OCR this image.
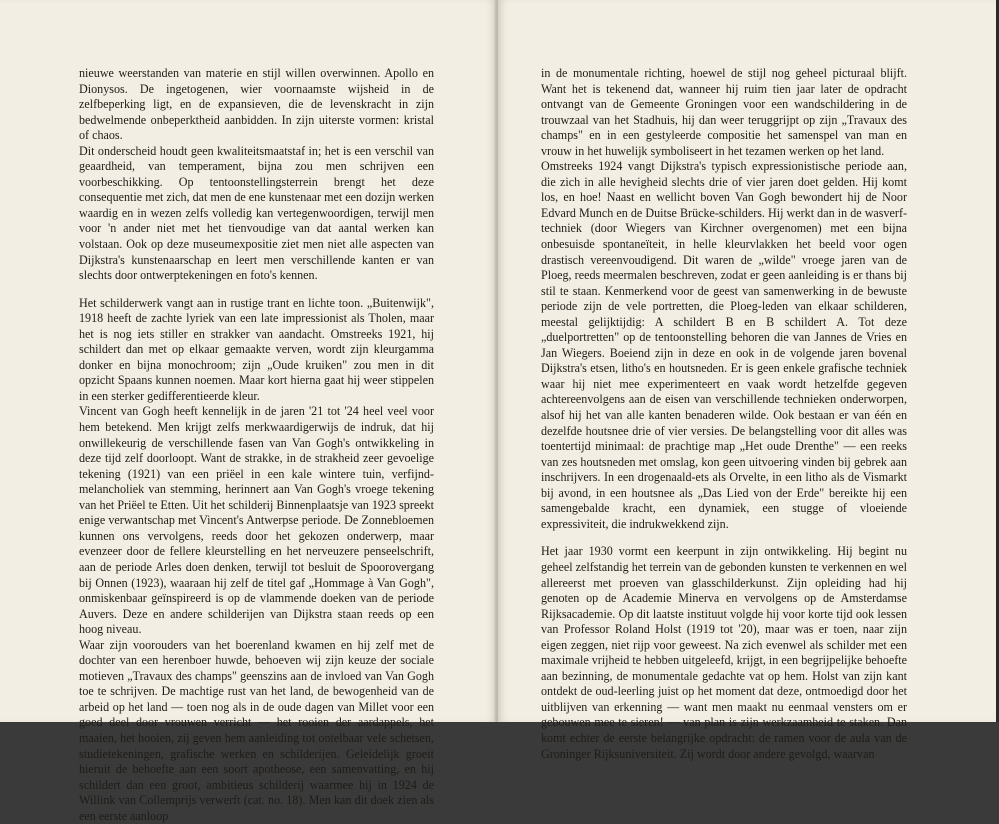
nieuwe weerstanden van materie en stijl willen overwinnen. Apollo en Dionysos. De ingetogenen, wier voornaamste wijsheid in de zelfbeperking ligt, en de expansieven, die de levenskracht in zijn bedwelmende onbeperktheid aanbidden. In zijn uiterste vormen: kristal of chaos.

Dit onderscheid houdt geen kwaliteitsmaatstaf in; het is een verschil van geaardheid, van temperament, bijna zou men schrijven een voorbeschikking. Op tentoonstellingsterrein brengt het deze consequentie met zich, dat men de ene kunstenaar met een dozijn werken waardig en in wezen zelfs volledig kan vertegenwoordigen, terwijl men voor 'n ander niet met het tienvoudige van dat aantal werken kan volstaan. Ook op deze museumexpositie ziet men niet alle aspecten van Dijkstra's kunstenaarschap en leert men verschillende kanten er van slechts door ontwerptekeningen en foto's kennen.

Het schilderwerk vangt aan in rustige trant en lichte toon. „Buitenwijk", 1918 heeft de zachte lyriek van een late impressionist als Tholen, maar het is nog iets stiller en strakker van aandacht. Omstreeks 1921, hij schildert dan met op elkaar gemaakte verven, wordt zijn kleurgamma donker en bijna monochroom; zijn „Oude kruiken" zou men in dit opzicht Spaans kunnen noemen. Maar kort hierna gaat hij weer stippelen in een sterker gedifferentieerde kleur.

Vincent van Gogh heeft kennelijk in de jaren '21 tot '24 heel veel voor hem betekend. Men krijgt zelfs merkwaardigerwijs de indruk, dat hij onwillekeurig de verschillende fasen van Van Gogh's ontwikkeling in deze tijd zelf doorloopt. Want de strakke, in de strakheid zeer gevoelige tekening (1921) van een priëel in een kale wintere tuin, verfijnd-melancholiek van stemming, herinnert aan Van Gogh's vroege tekening van het Priëel te Etten. Uit het schilderij Binnenplaatsje van 1923 spreekt enige verwantschap met Vincent's Antwerpse periode. De Zonnebloemen kunnen ons vervolgens, reeds door het gekozen onderwerp, maar evenzeer door de fellere kleurstelling en het nerveuzere penseelschrift, aan de periode Arles doen denken, terwijl tot besluit de Spoorovergang bij Onnen (1923), waaraan hij zelf de titel gaf „Hommage à Van Gogh", onmiskenbaar geïnspireerd is op de vlammende doeken van de periode Auvers. Deze en andere schilderijen van Dijkstra staan reeds op een hoog niveau.

Waar zijn voorouders van het boerenland kwamen en hij zelf met de dochter van een herenboer huwde, behoeven wij zijn keuze der sociale motieven „Travaux des champs" geenszins aan de invloed van Van Gogh toe te schrijven. De machtige rust van het land, de bewogenheid van de arbeid op het land — toen nog als in de oude dagen van Millet voor een goed deel door vrouwen verricht — het rooien der aardappels, het maaien, het hooien, zij geven hem aanleiding tot ontelbaar vele schetsen, studietekeningen, grafische werken en schilderijen. Geleidelijk groeit hieruit de behoefte aan een soort apotheose, een samenvatting, en hij schildert dan een groot, ambitieus schilderij waarmee hij in 1924 de Willink van Collemprijs verwerft (cat. no. 18). Men kan dit doek zien als een eerste aanloop

in de monumentale richting, hoewel de stijl nog geheel picturaal blijft. Want het is tekenend dat, wanneer hij ruim tien jaar later de opdracht ontvangt van de Gemeente Groningen voor een wandschildering in de trouwzaal van het Stadhuis, hij dan weer teruggrijpt op zijn „Travaux des champs" en in een gestyleerde compositie het samenspel van man en vrouw in het huwelijk symboliseert in het tezamen werken op het land.

Omstreeks 1924 vangt Dijkstra's typisch expressionistische periode aan, die zich in alle hevigheid slechts drie of vier jaren doet gelden. Hij komt los, en hoe! Naast en wellicht boven Van Gogh bewondert hij de Noor Edvard Munch en de Duitse Brücke-schilders. Hij werkt dan in de wasverf-techniek (door Wiegers van Kirchner overgenomen) met een bijna onbesuisde spontaneïteit, in helle kleurvlakken het beeld voor ogen drastisch vereenvoudigend. Dit waren de „wilde" vroege jaren van de Ploeg, reeds meermalen beschreven, zodat er geen aanleiding is er thans bij stil te staan. Kenmerkend voor de geest van samenwerking in de bewuste periode zijn de vele portretten, die Ploeg-leden van elkaar schilderen, meestal gelijktijdig: A schildert B en B schildert A. Tot deze „duelportretten" op de tentoonstelling behoren die van Jannes de Vries en Jan Wiegers. Boeiend zijn in deze en ook in de volgende jaren bovenal Dijkstra's etsen, litho's en houtsneden. Er is geen enkele grafische techniek waar hij niet mee experimenteert en vaak wordt hetzelfde gegeven achtereenvolgens aan de eisen van verschillende technieken onderworpen, alsof hij het van alle kanten benaderen wilde. Ook bestaan er van één en dezelfde houtsnee drie of vier versies. De belangstelling voor dit alles was toentertijd minimaal: de prachtige map „Het oude Drenthe" — een reeks van zes houtsneden met omslag, kon geen uitvoering vinden bij gebrek aan inschrijvers. In een drogenaald-ets als Orvelte, in een litho als de Vismarkt bij avond, in een houtsnee als „Das Lied von der Erde" bereikte hij een samengebalde kracht, een dynamiek, een stugge of vloeiende expressiviteit, die indrukwekkend zijn.

Het jaar 1930 vormt een keerpunt in zijn ontwikkeling. Hij begint nu geheel zelfstandig het terrein van de gebonden kunsten te verkennen en wel allereerst met proeven van glasschilderkunst. Zijn opleiding had hij genoten op de Academie Minerva en vervolgens op de Amsterdamse Rijksacademie. Op dit laatste instituut volgde hij voor korte tijd ook lessen van Professor Roland Holst (1919 tot '20), maar was er toen, naar zijn eigen zeggen, niet rijp voor geweest. Na zich evenwel als schilder met een maximale vrijheid te hebben uitgeleefd, krijgt, in een begrijpelijke behoefte aan bezinning, de monumentale gedachte vat op hem. Holst van zijn kant ontdekt de oud-leerling juist op het moment dat deze, ontmoedigd door het uitblijven van erkenning — want men maakt nu eenmaal vensters om er gebouwen mee te sieren! — van plan is zijn werkzaamheid te staken. Dan komt echter de eerste belangrijke opdracht: de ramen voor de aula van de Groninger Rijksuniversiteit. Zij wordt door andere gevolgd, waarvan
